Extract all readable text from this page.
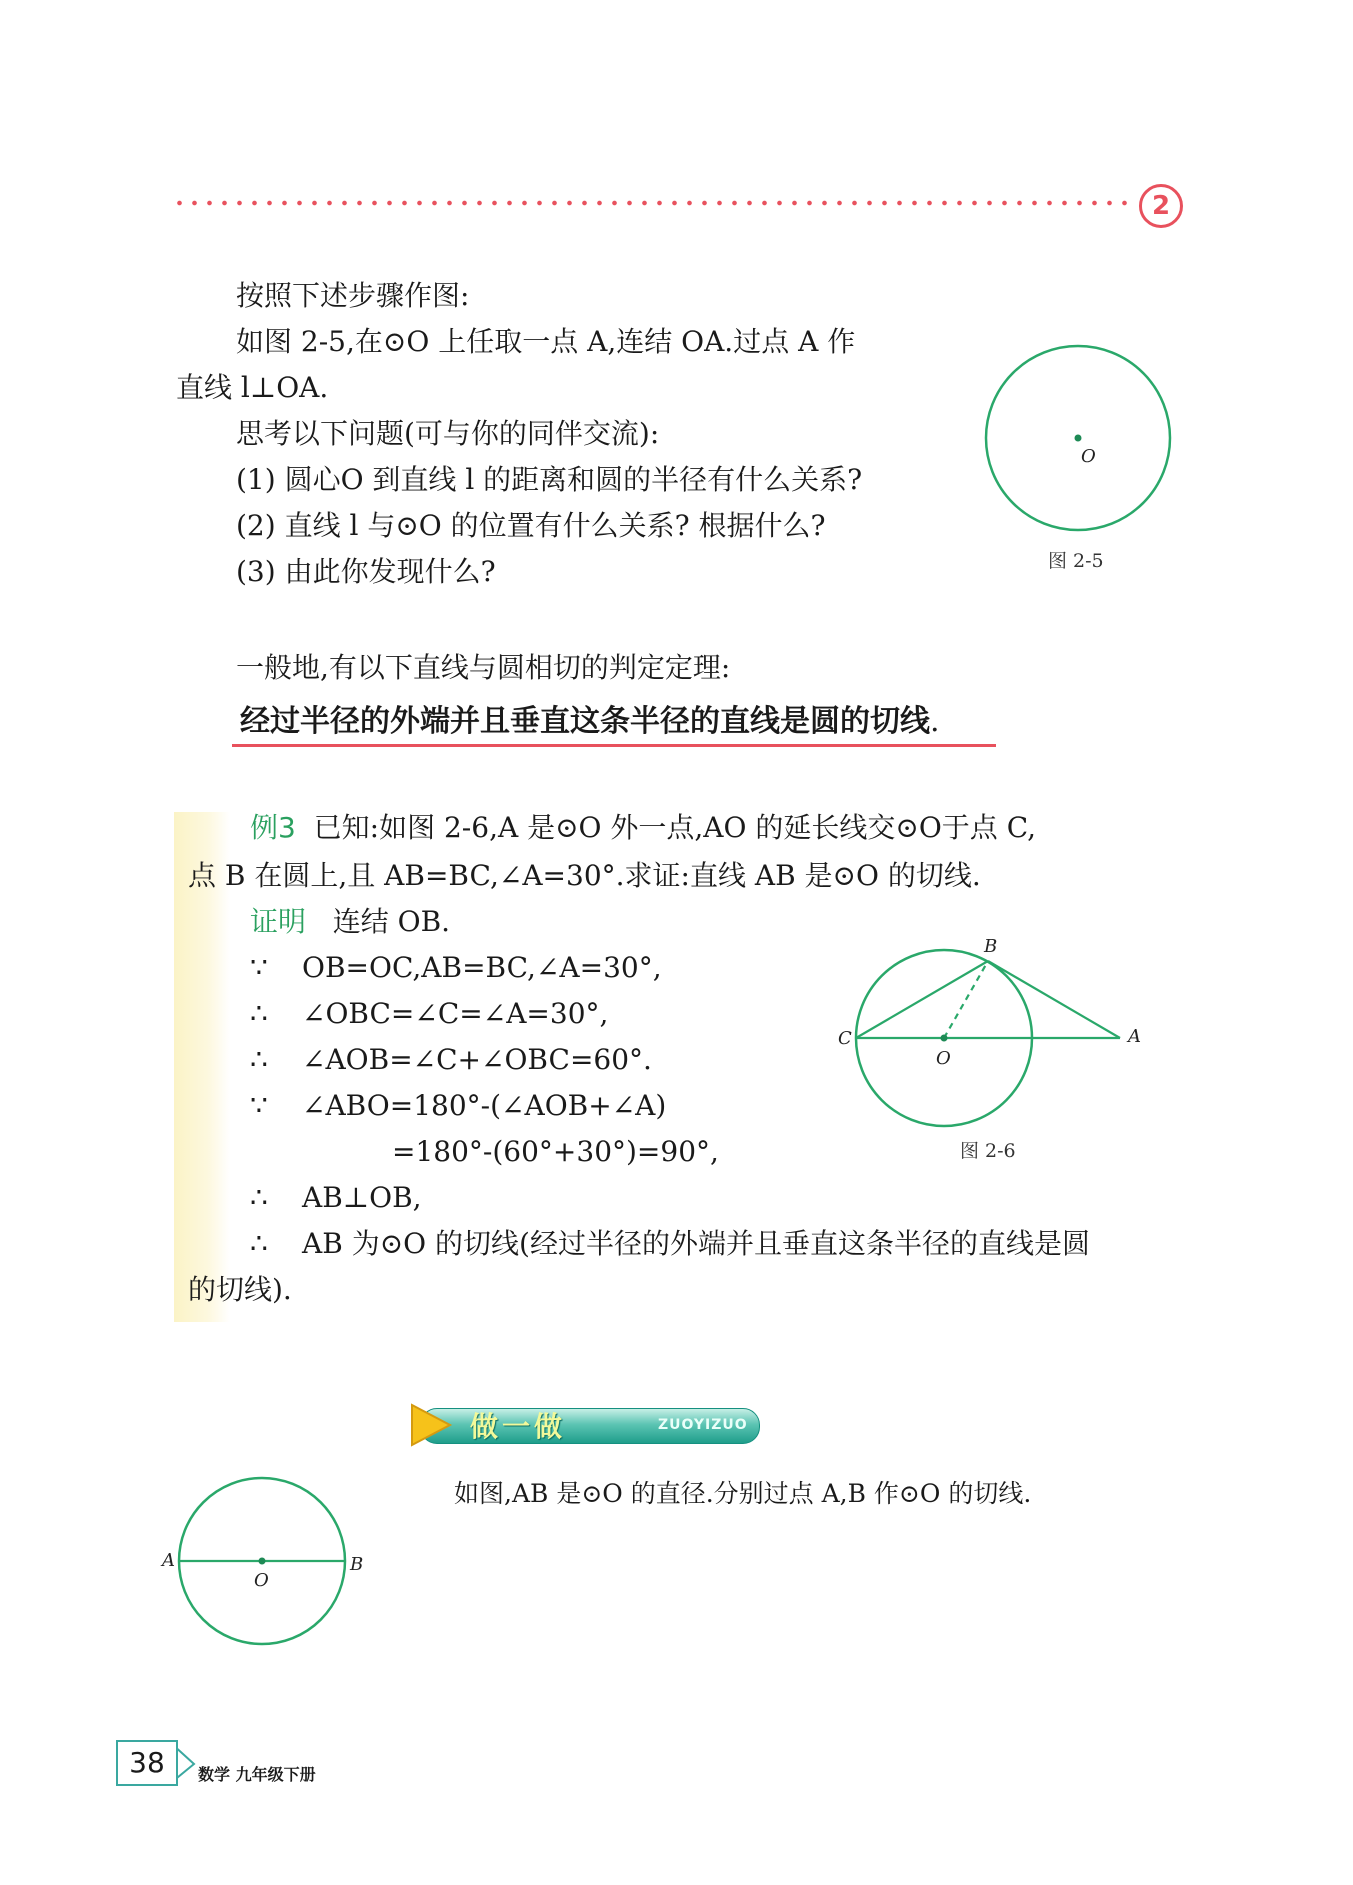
2
按照下述步骤作图:
如图 2-5,在⊙O 上任取一点 A,连结 OA.过点 A 作
直线 l⊥OA.
思考以下问题(可与你的同伴交流):
(1) 圆心O 到直线 l 的距离和圆的半径有什么关系?
(2) 直线 l 与⊙O 的位置有什么关系? 根据什么?
(3) 由此你发现什么?
O
图 2-5
一般地,有以下直线与圆相切的判定定理:
经过半径的外端并且垂直这条半径的直线是圆的切线.
例3 已知:如图 2-6,A 是⊙O 外一点,AO 的延长线交⊙O于点 C,
点 B 在圆上,且 AB=BC,∠A=30°.求证:直线 AB 是⊙O 的切线.
证明 连结 OB.
∵ OB=OC,AB=BC,∠A=30°,
∴ ∠OBC=∠C=∠A=30°,
∴ ∠AOB=∠C+∠OBC=60°.
∵ ∠ABO=180°-(∠AOB+∠A)
=180°-(60°+30°)=90°,
∴ AB⊥OB,
∴ AB 为⊙O 的切线(经过半径的外端并且垂直这条半径的直线是圆
的切线).
B
C	A
O
图 2-6
做一做	ZUOYIZUO
如图,AB 是⊙O 的直径.分别过点 A,B 作⊙O 的切线.
A	B
O
38	数学 九年级下册
